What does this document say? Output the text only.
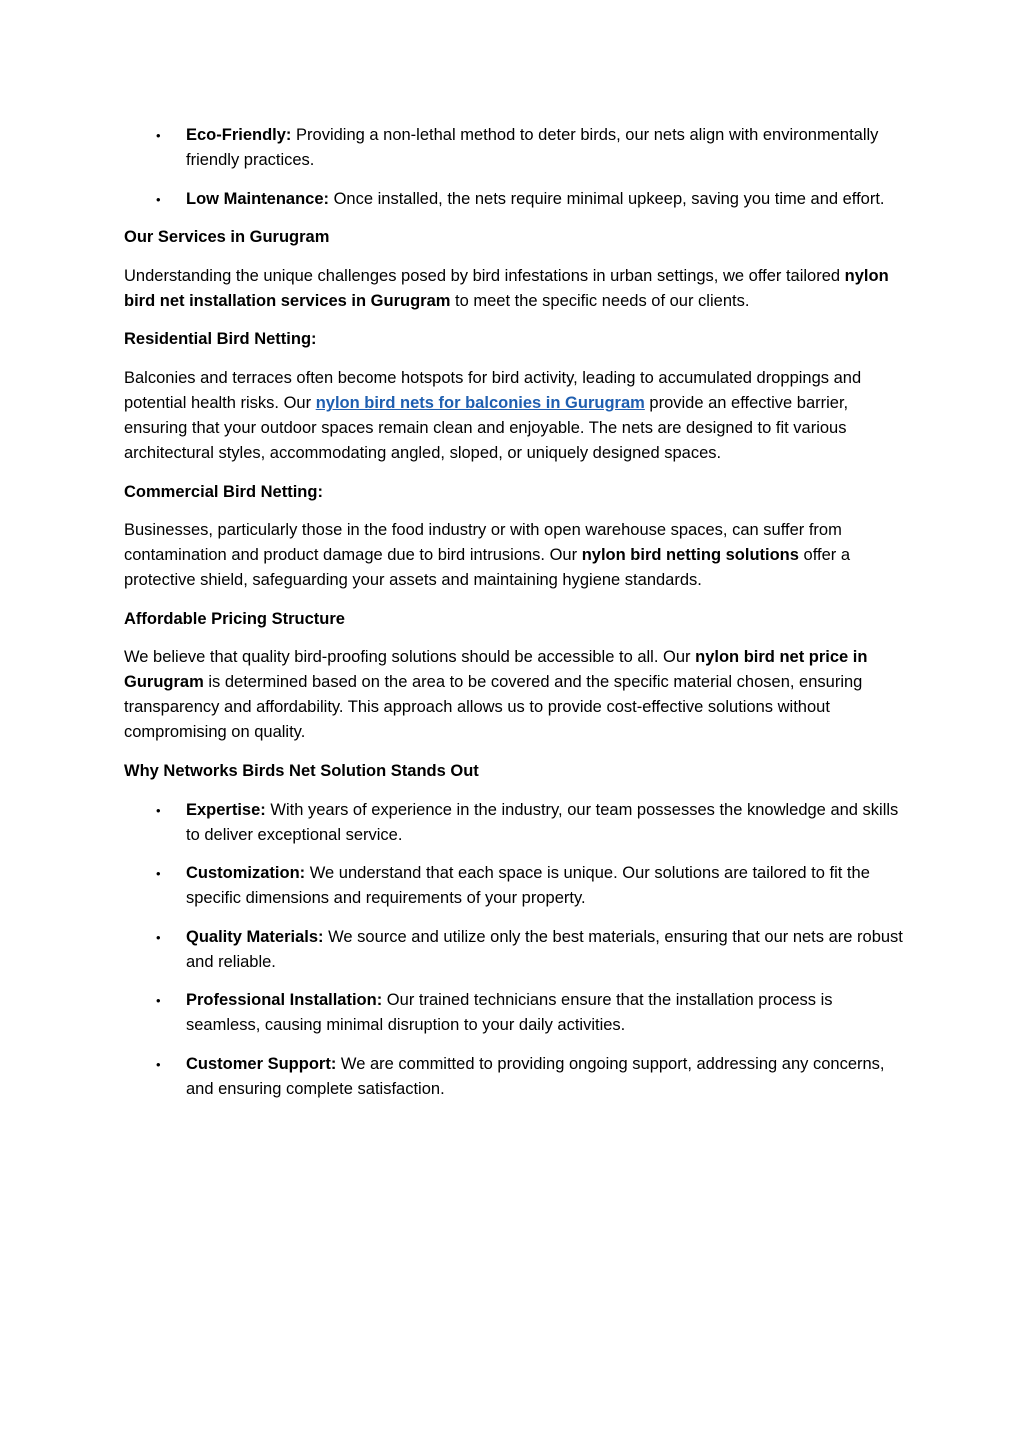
• Eco-Friendly: Providing a non-lethal method to deter birds, our nets align with environmentally friendly practices.
• Low Maintenance: Once installed, the nets require minimal upkeep, saving you time and effort.

Our Services in Gurugram

Understanding the unique challenges posed by bird infestations in urban settings, we offer tailored nylon bird net installation services in Gurugram to meet the specific needs of our clients.

Residential Bird Netting:

Balconies and terraces often become hotspots for bird activity, leading to accumulated droppings and potential health risks. Our nylon bird nets for balconies in Gurugram provide an effective barrier, ensuring that your outdoor spaces remain clean and enjoyable. The nets are designed to fit various architectural styles, accommodating angled, sloped, or uniquely designed spaces.

Commercial Bird Netting:

Businesses, particularly those in the food industry or with open warehouse spaces, can suffer from contamination and product damage due to bird intrusions. Our nylon bird netting solutions offer a protective shield, safeguarding your assets and maintaining hygiene standards.

Affordable Pricing Structure

We believe that quality bird-proofing solutions should be accessible to all. Our nylon bird net price in Gurugram is determined based on the area to be covered and the specific material chosen, ensuring transparency and affordability. This approach allows us to provide cost-effective solutions without compromising on quality.

Why Networks Birds Net Solution Stands Out

• Expertise: With years of experience in the industry, our team possesses the knowledge and skills to deliver exceptional service.
• Customization: We understand that each space is unique. Our solutions are tailored to fit the specific dimensions and requirements of your property.
• Quality Materials: We source and utilize only the best materials, ensuring that our nets are robust and reliable.
• Professional Installation: Our trained technicians ensure that the installation process is seamless, causing minimal disruption to your daily activities.
• Customer Support: We are committed to providing ongoing support, addressing any concerns, and ensuring complete satisfaction.
